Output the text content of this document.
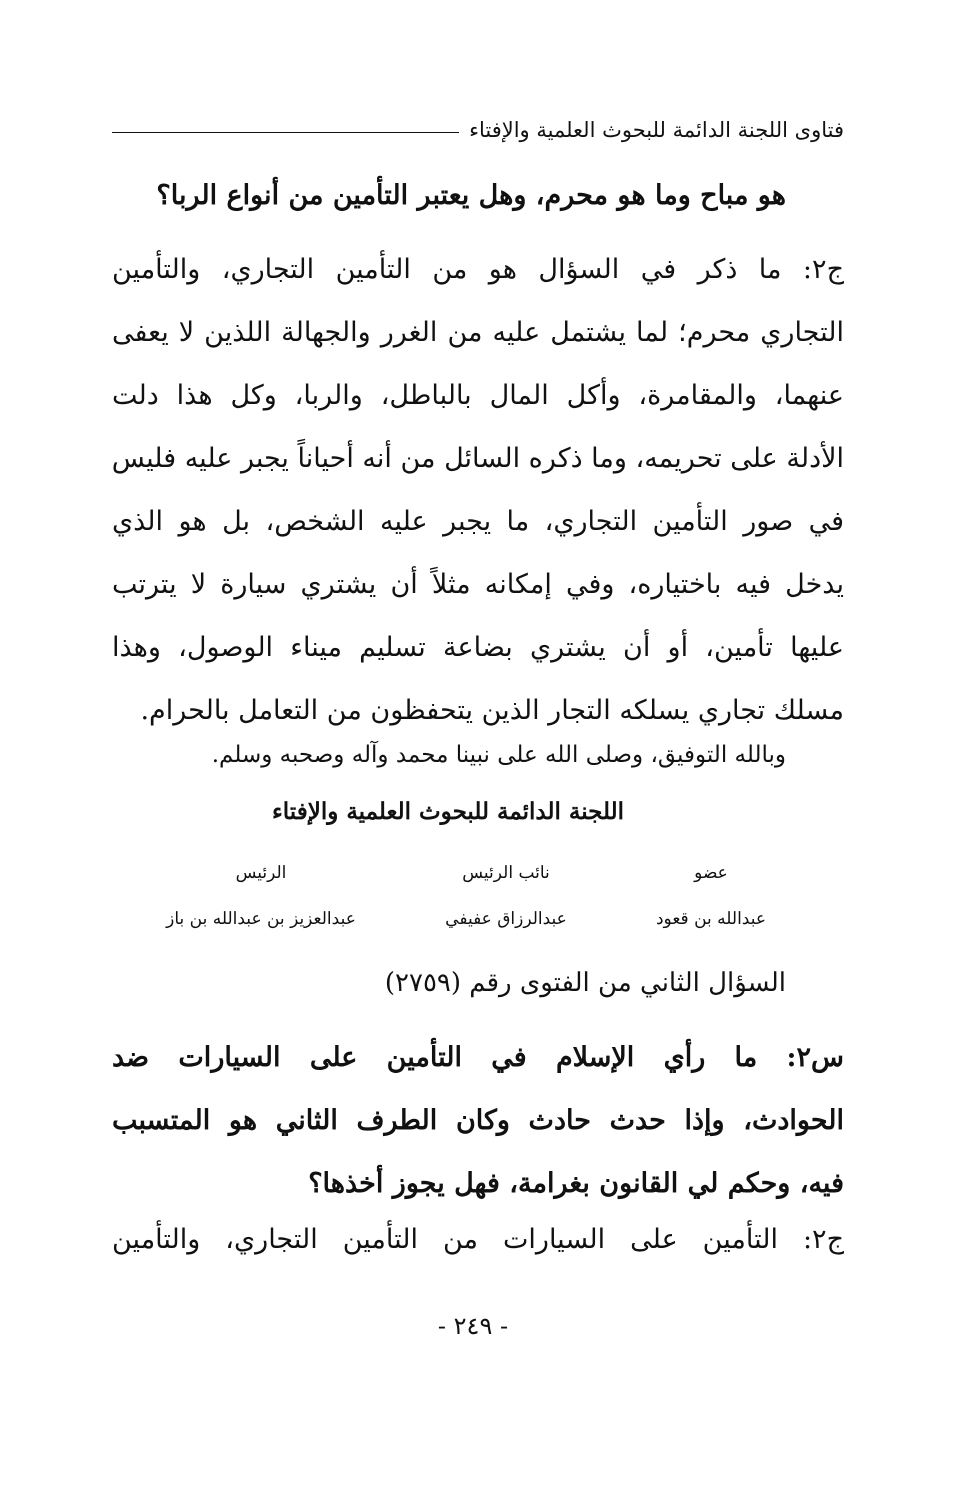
فتاوى اللجنة الدائمة للبحوث العلمية والإفتاء
هو مباح وما هو محرم، وهل يعتبر التأمين من أنواع الربا؟
ج٢: ما ذكر في السؤال هو من التأمين التجاري، والتأمين
التجاري محرم؛ لما يشتمل عليه من الغرر والجهالة اللذين لا يعفى
عنهما، والمقامرة، وأكل المال بالباطل، والربا، وكل هذا دلت
الأدلة على تحريمه، وما ذكره السائل من أنه أحياناً يجبر عليه فليس
في صور التأمين التجاري، ما يجبر عليه الشخص، بل هو الذي
يدخل فيه باختياره، وفي إمكانه مثلاً أن يشتري سيارة لا يترتب
عليها تأمين، أو أن يشتري بضاعة تسليم ميناء الوصول، وهذا
مسلك تجاري يسلكه التجار الذين يتحفظون من التعامل بالحرام.
وبالله التوفيق، وصلى الله على نبينا محمد وآله وصحبه وسلم.
اللجنة الدائمة للبحوث العلمية والإفتاء
عضو
عبدالله بن قعود
نائب الرئيس
عبدالرزاق عفيفي
الرئيس
عبدالعزيز بن عبدالله بن باز
السؤال الثاني من الفتوى رقم (٢٧٥٩)
س٢: ما رأي الإسلام في التأمين على السيارات ضد
الحوادث، وإذا حدث حادث وكان الطرف الثاني هو المتسبب
فيه، وحكم لي القانون بغرامة، فهل يجوز أخذها؟
ج٢: التأمين على السيارات من التأمين التجاري، والتأمين
- ٢٤٩ -
